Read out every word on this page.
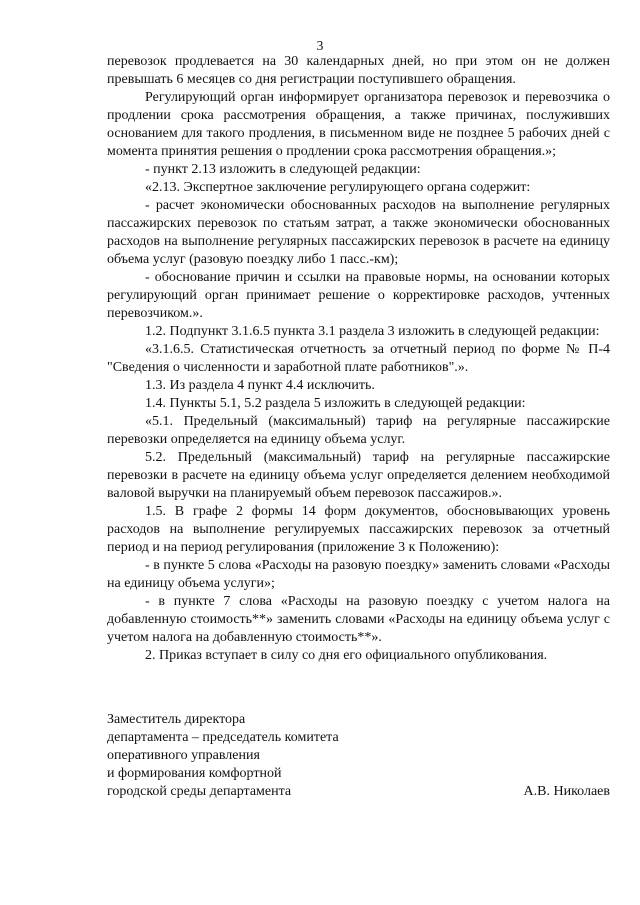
3

перевозок продлевается на 30 календарных дней, но при этом он не должен превышать 6 месяцев со дня регистрации поступившего обращения.

Регулирующий орган информирует организатора перевозок и перевозчика о продлении срока рассмотрения обращения, а также причинах, послуживших основанием для такого продления, в письменном виде не позднее 5 рабочих дней с момента принятия решения о продлении срока рассмотрения обращения.»;

- пункт 2.13 изложить в следующей редакции:

«2.13. Экспертное заключение регулирующего органа содержит:

- расчет экономически обоснованных расходов на выполнение регулярных пассажирских перевозок по статьям затрат, а также экономически обоснованных расходов на выполнение регулярных пассажирских перевозок в расчете на единицу объема услуг (разовую поездку либо 1 пасс.-км);

- обоснование причин и ссылки на правовые нормы, на основании которых регулирующий орган принимает решение о корректировке расходов, учтенных перевозчиком.».

1.2. Подпункт 3.1.6.5 пункта 3.1 раздела 3 изложить в следующей редакции:

«3.1.6.5. Статистическая отчетность за отчетный период по форме № П-4 "Сведения о численности и заработной плате работников".».

1.3. Из раздела 4 пункт 4.4 исключить.

1.4. Пункты 5.1, 5.2 раздела 5 изложить в следующей редакции:

«5.1. Предельный (максимальный) тариф на регулярные пассажирские перевозки определяется на единицу объема услуг.

5.2. Предельный (максимальный) тариф на регулярные пассажирские перевозки в расчете на единицу объема услуг определяется делением необходимой валовой выручки на планируемый объем перевозок пассажиров.».

1.5. В графе 2 формы 14 форм документов, обосновывающих уровень расходов на выполнение регулируемых пассажирских перевозок за отчетный период и на период регулирования (приложение 3 к Положению):

- в пункте 5 слова «Расходы на разовую поездку» заменить словами «Расходы на единицу объема услуги»;

- в пункте 7 слова «Расходы на разовую поездку с учетом налога на добавленную стоимость**» заменить словами «Расходы на единицу объема услуг с учетом налога на добавленную стоимость**».

2. Приказ вступает в силу со дня его официального опубликования.

Заместитель директора
департамента – председатель комитета
оперативного управления
и формирования комфортной
городской среды департамента	А.В. Николаев
